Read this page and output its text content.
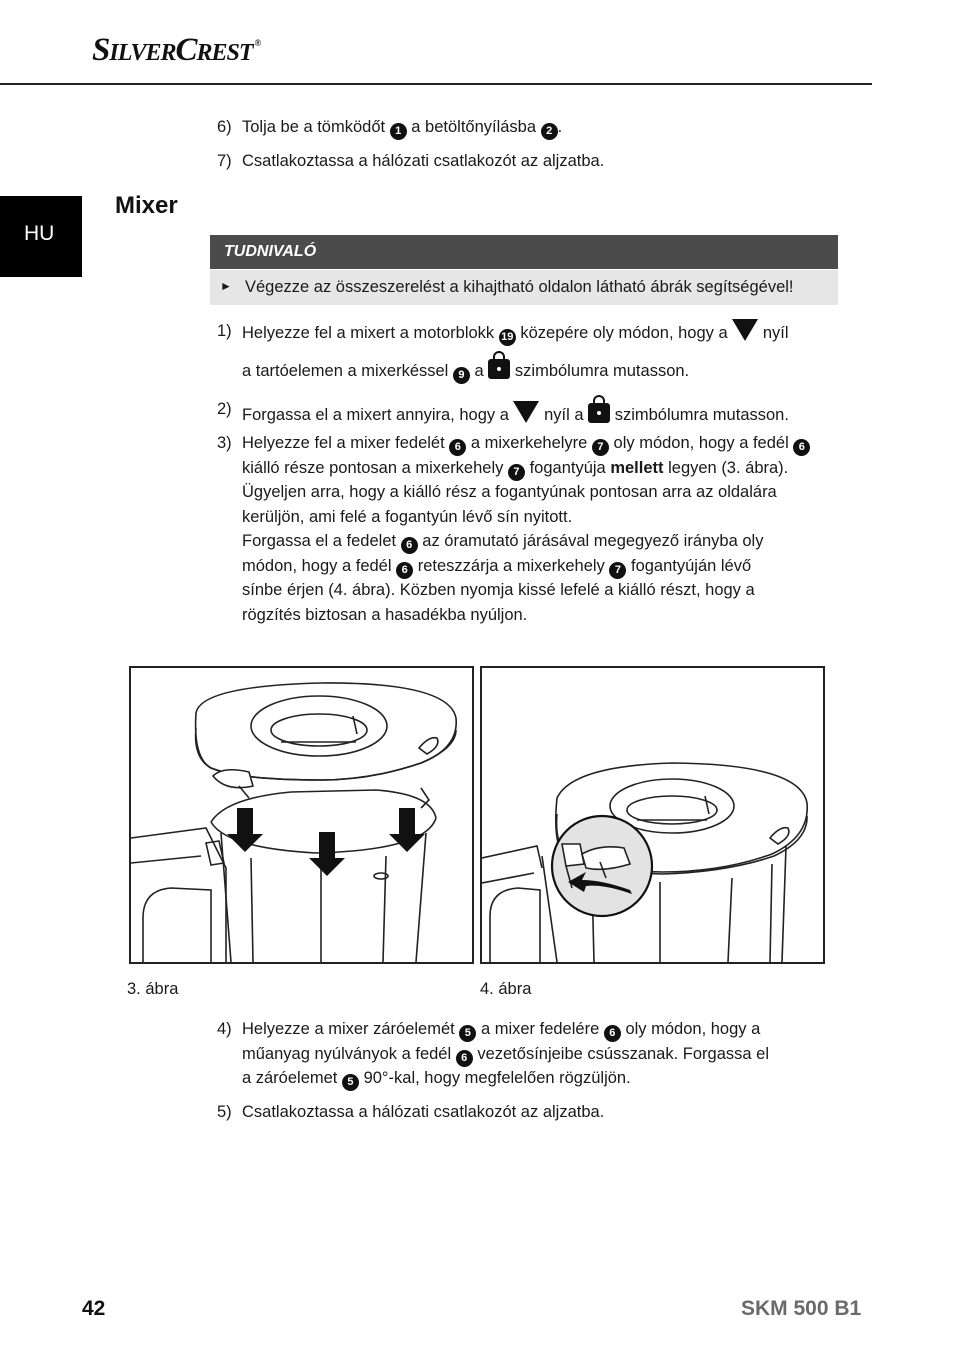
SILVERCREST ®
HU
6) Tolja be a tömködőt 1 a betöltőnyílásba 2 .
7) Csatlakoztassa a hálózati csatlakozót az aljzatba.
Mixer
TUDNIVALÓ
► Végezze az összeszerelést a kihajtható oldalon látható ábrák segítségével!
1) Helyezze fel a mixert a motorblokk 19 közepére oly módon, hogy a nyíl
a tartóelemen a mixerkéssel 9 a szimbólumra mutasson.
2) Forgassa el a mixert annyira, hogy a nyíl a szimbólumra mutasson.
3) Helyezze fel a mixer fedelét 6 a mixerkehelyre 7 oly módon, hogy a fedél 6
kiálló része pontosan a mixerkehely 7 fogantyúja mellett legyen (3. ábra).
Ügyeljen arra, hogy a kiálló rész a fogantyúnak pontosan arra az oldalára
kerüljön, ami felé a fogantyún lévő sín nyitott.
Forgassa el a fedelet 6 az óramutató járásával megegyező irányba oly
módon, hogy a fedél 6 reteszzárja a mixerkehely 7 fogantyúján lévő
sínbe érjen (4. ábra). Közben nyomja kissé lefelé a kiálló részt, hogy a
rögzítés biztosan a hasadékba nyúljon.
3. ábra	4. ábra
4) Helyezze a mixer záróelemét 5 a mixer fedelére 6 oly módon, hogy a
műanyag nyúlványok a fedél 6 vezetősínjeibe csússzanak. Forgassa el
a záróelemet 5 90°-kal, hogy megfelelően rögzüljön.
5) Csatlakoztassa a hálózati csatlakozót az aljzatba.
42	SKM 500 B1
